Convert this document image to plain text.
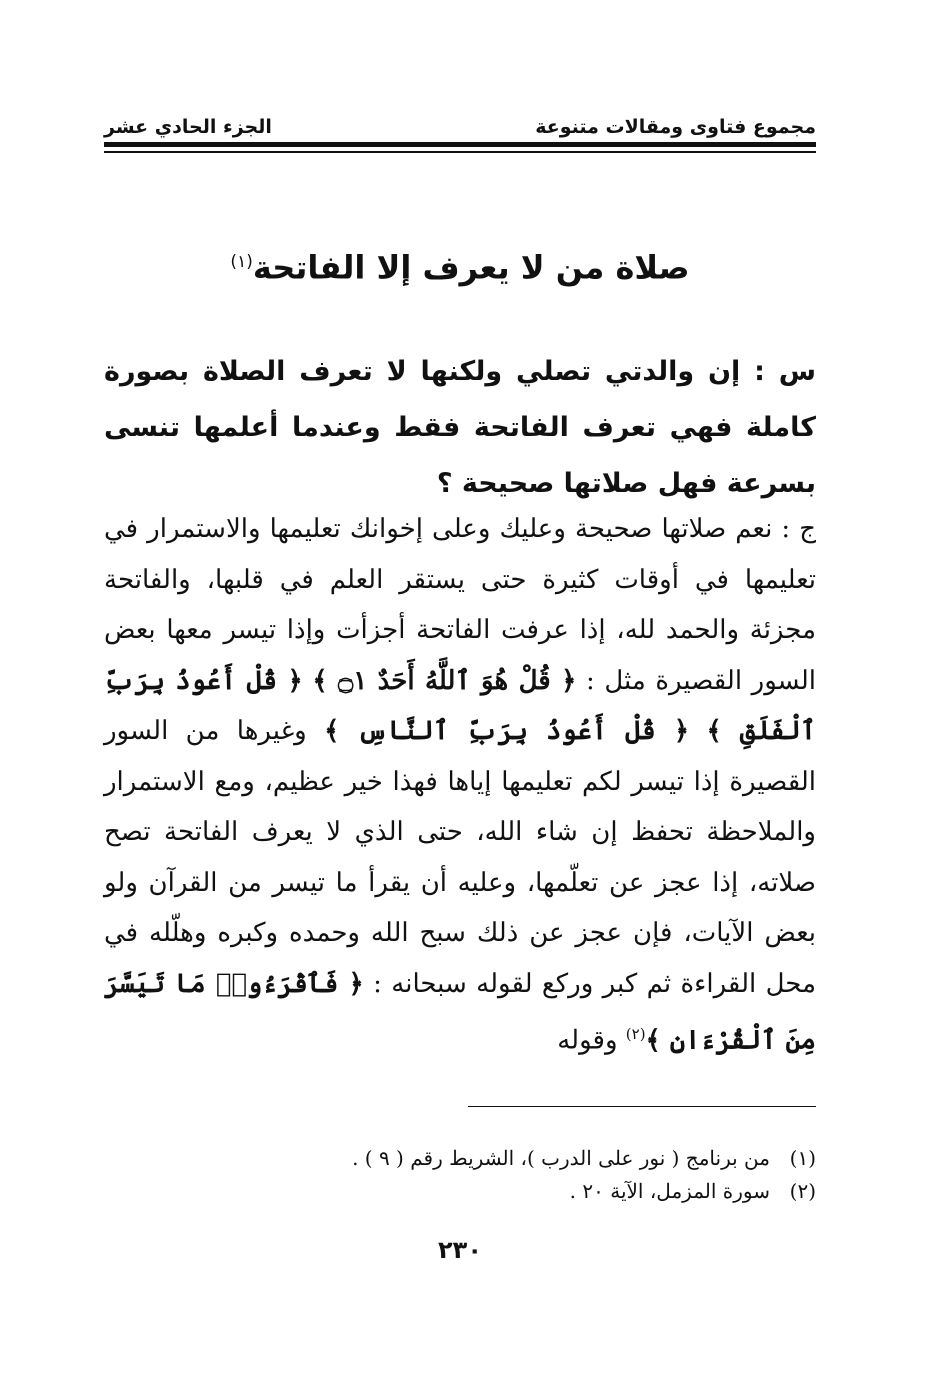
مجموع فتاوى ومقالات متنوعة
الجزء الحادي عشر
صلاة من لا يعرف إلا الفاتحة$^{(١)}$
س : إن والدتي تصلي ولكنها لا تعرف الصلاة بصورة كاملة فهي تعرف الفاتحة فقط وعندما أعلمها تنسى بسرعة فهل صلاتها صحيحة ؟
ج : نعم صلاتها صحيحة وعليك وعلى إخوانك تعليمها والاستمرار في تعليمها في أوقات كثيرة حتى يستقر العلم في قلبها، والفاتحة مجزئة والحمد لله، إذا عرفت الفاتحة أجزأت وإذا تيسر معها بعض السور القصيرة مثل : ﴿ قُلْ هُوَ ٱللَّهُ أَحَدٌ ۝١ ﴾ ﴿ قُلْ أَعُوذُ بِرَبِّ ٱلْفَلَقِ ﴾ ﴿ قُلْ أَعُوذُ بِرَبِّ ٱلنَّاسِ ﴾ وغيرها من السور القصيرة إذا تيسر لكم تعليمها إياها فهذا خير عظيم، ومع الاستمرار والملاحظة تحفظ إن شاء الله، حتى الذي لا يعرف الفاتحة تصح صلاته، إذا عجز عن تعلّمها، وعليه أن يقرأ ما تيسر من القرآن ولو بعض الآيات، فإن عجز عن ذلك سبح الله وحمده وكبره وهلّله في محل القراءة ثم كبر وركع لقوله سبحانه : ﴿ فَٱقْرَءُوا۟ مَا تَيَسَّرَ مِنَ ٱلْقُرْءَانِ ﴾$^{(٢)}$ وقوله
(١)من برنامج ( نور على الدرب )، الشريط رقم ( ٩ ) .
(٢)سورة المزمل، الآية ٢٠ .
٢٣٠
